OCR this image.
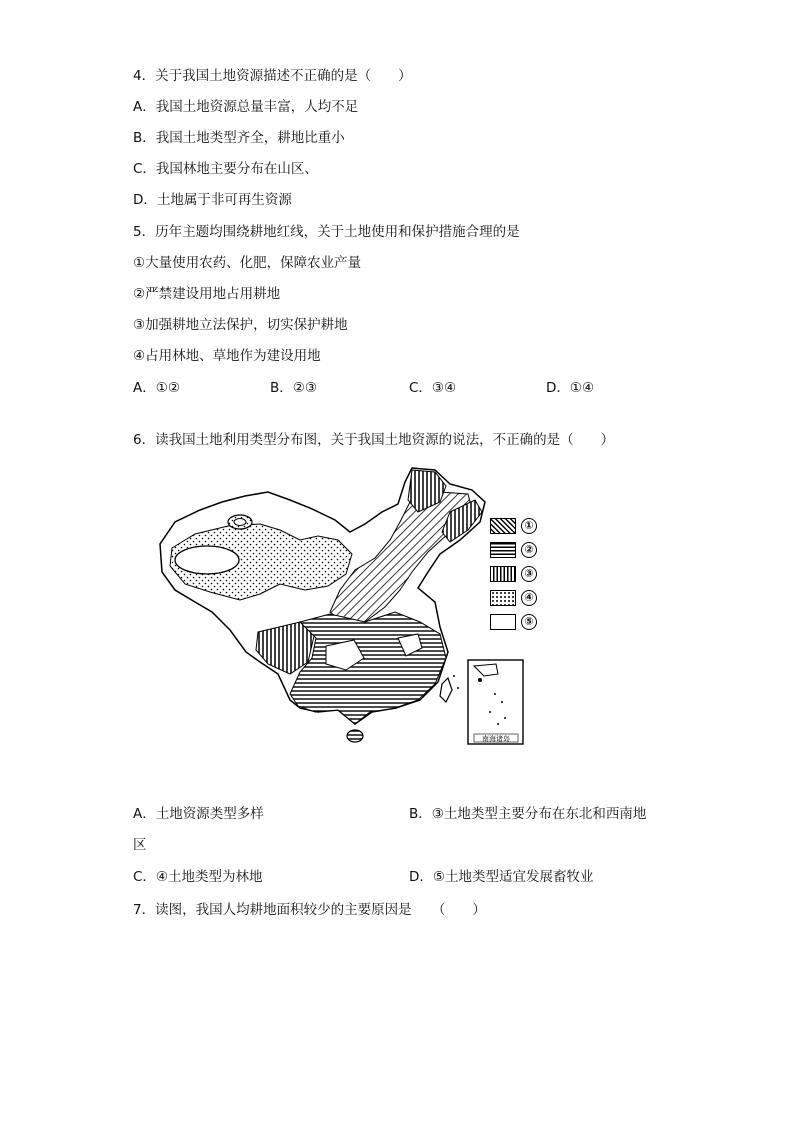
4．关于我国土地资源描述不正确的是（　　）
A．我国土地资源总量丰富，人均不足
B．我国土地类型齐全，耕地比重小
C．我国林地主要分布在山区、
D．土地属于非可再生资源
5．历年主题均围绕耕地红线，关于土地使用和保护措施合理的是
①大量使用农药、化肥，保障农业产量
②严禁建设用地占用耕地
③加强耕地立法保护，切实保护耕地
④占用林地、草地作为建设用地
A．①②	B．②③	C．③④	D．①④
6．读我国土地利用类型分布图，关于我国土地资源的说法，不正确的是（　　）
南海诸岛
①
②
③
④
⑤
A．土地资源类型多样	B．③土地类型主要分布在东北和西南地
区
C．④土地类型为林地	D．⑤土地类型适宜发展畜牧业
7．读图，我国人均耕地面积较少的主要原因是　　（　　）
